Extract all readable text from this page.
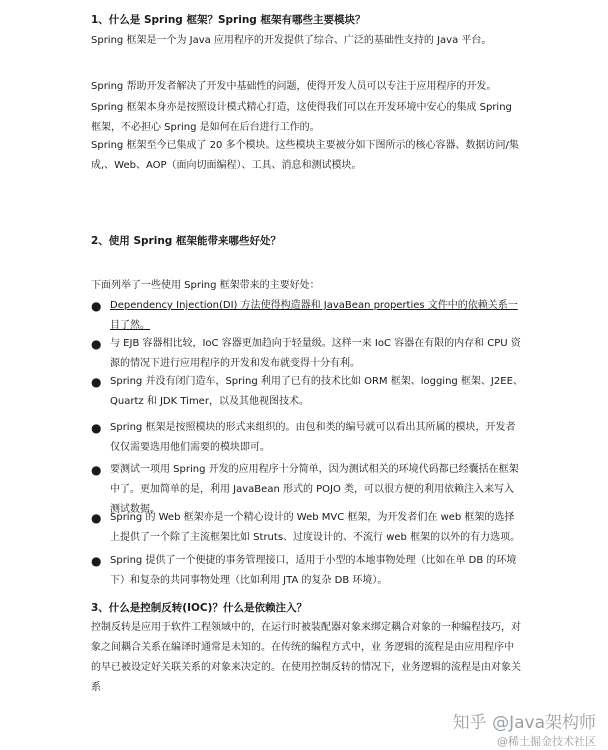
1、什么是 Spring 框架？Spring 框架有哪些主要模块？

Spring 框架是一个为 Java 应用程序的开发提供了综合、广泛的基础性支持的 Java 平台。

Spring 帮助开发者解决了开发中基础性的问题，使得开发人员可以专注于应用程序的开发。

Spring 框架本身亦是按照设计模式精心打造，这使得我们可以在开发环境中安心的集成 Spring 框架，不必担心 Spring 是如何在后台进行工作的。

Spring 框架至今已集成了 20 多个模块。这些模块主要被分如下图所示的核心容器、数据访问/集成,、Web、AOP（面向切面编程）、工具、消息和测试模块。

2、使用 Spring 框架能带来哪些好处？

下面列举了一些使用 Spring 框架带来的主要好处：

● Dependency Injection(DI) 方法使得构造器和 JavaBean properties 文件中的依赖关系一目了然。
● 与 EJB 容器相比较，IoC 容器更加趋向于轻量级。这样一来 IoC 容器在有限的内存和 CPU 资源的情况下进行应用程序的开发和发布就变得十分有利。
● Spring 并没有闭门造车，Spring 利用了已有的技术比如 ORM 框架、logging 框架、J2EE、Quartz 和 JDK Timer，以及其他视图技术。
● Spring 框架是按照模块的形式来组织的。由包和类的编号就可以看出其所属的模块，开发者仅仅需要选用他们需要的模块即可。
● 要测试一项用 Spring 开发的应用程序十分简单，因为测试相关的环境代码都已经囊括在框架中了。更加简单的是，利用 JavaBean 形式的 POJO 类，可以很方便的利用依赖注入来写入测试数据。
● Spring 的 Web 框架亦是一个精心设计的 Web MVC 框架，为开发者们在 web 框架的选择上提供了一个除了主流框架比如 Struts、过度设计的、不流行 web 框架的以外的有力选项。
● Spring 提供了一个便捷的事务管理接口，适用于小型的本地事物处理（比如在单 DB 的环境下）和复杂的共同事物处理（比如利用 JTA 的复杂 DB 环境）。
3、什么是控制反转(IOC)？什么是依赖注入？

控制反转是应用于软件工程领域中的，在运行时被装配器对象来绑定耦合对象的一种编程技巧，对象之间耦合关系在编译时通常是未知的。在传统的编程方式中，业 务逻辑的流程是由应用程序中的早已被设定好关联关系的对象来决定的。在使用控制反转的情况下，业务逻辑的流程是由对象关系

知乎 @Java架构师
@稀土掘金技术社区
